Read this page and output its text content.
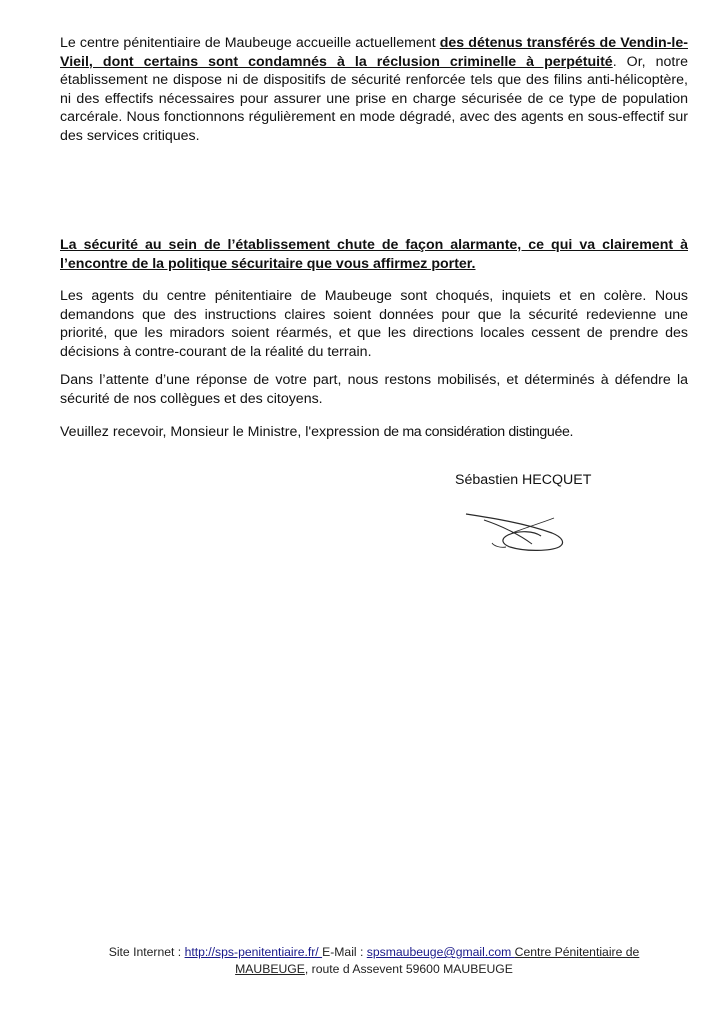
Le centre pénitentiaire de Maubeuge accueille actuellement des détenus transférés de Vendin-le-Vieil, dont certains sont condamnés à la réclusion criminelle à perpétuité. Or, notre établissement ne dispose ni de dispositifs de sécurité renforcée tels que des filins anti-hélicoptère, ni des effectifs nécessaires pour assurer une prise en charge sécurisée de ce type de population carcérale. Nous fonctionnons régulièrement en mode dégradé, avec des agents en sous-effectif sur des services critiques.

La sécurité au sein de l’établissement chute de façon alarmante, ce qui va clairement à l’encontre de la politique sécuritaire que vous affirmez porter.

Les agents du centre pénitentiaire de Maubeuge sont choqués, inquiets et en colère. Nous demandons que des instructions claires soient données pour que la sécurité redevienne une priorité, que les miradors soient réarmés, et que les directions locales cessent de prendre des décisions à contre-courant de la réalité du terrain.

Dans l’attente d’une réponse de votre part, nous restons mobilisés, et déterminés à défendre la sécurité de nos collègues et des citoyens.

Veuillez recevoir, Monsieur le Ministre, l'expression de ma considération distinguée.

Sébastien HECQUET
Site Internet : http://sps-penitentiaire.fr/ E-Mail : spsmaubeuge@gmail.com Centre Pénitentiaire de
MAUBEUGE, route d Assevent 59600 MAUBEUGE
